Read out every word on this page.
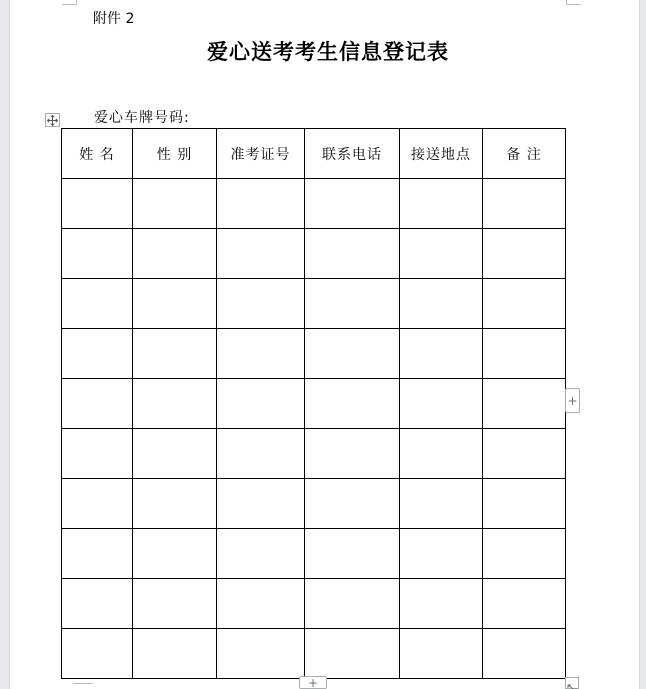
附件 2
爱心送考考生信息登记表
爱心车牌号码:
姓 名	性 别	准考证号	联系电话	接送地点	备 注

+
+
